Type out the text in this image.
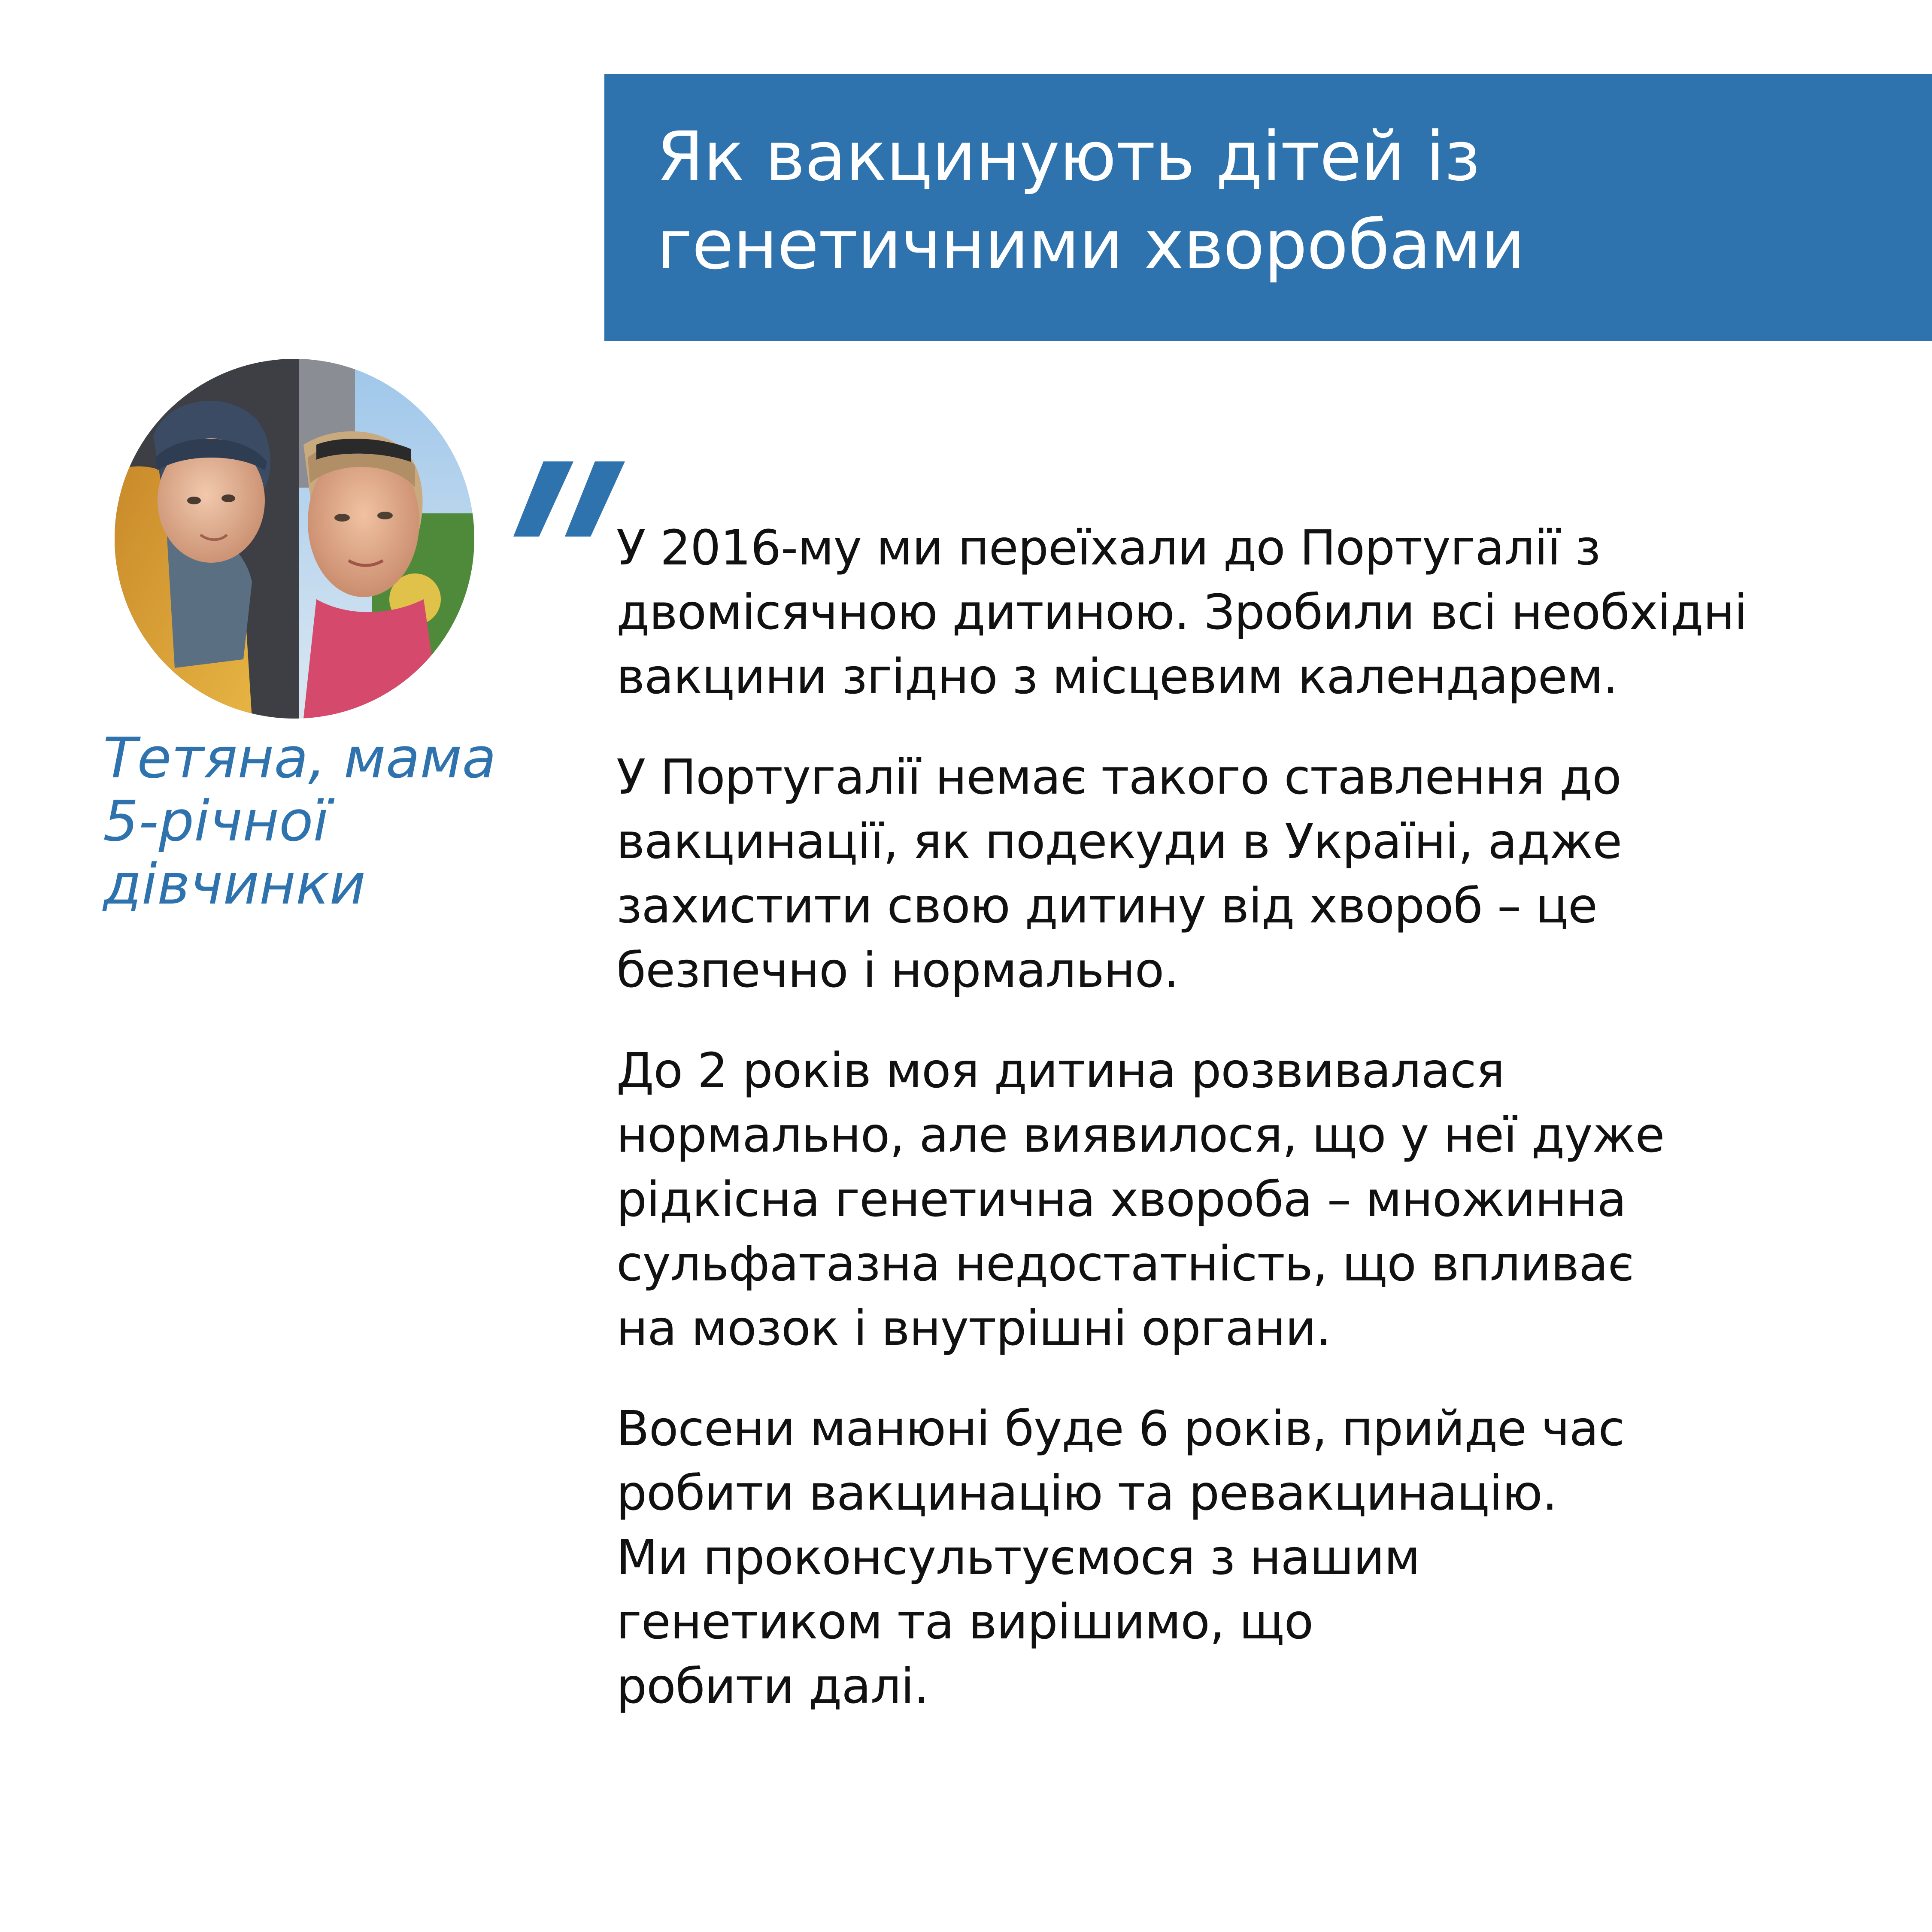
Як вакцинують дітей із
генетичними хворобами

Тетяна, мама
5-річної
дівчинки

У 2016-му ми переїхали до Португалії з
двомісячною дитиною. Зробили всі необхідні
вакцини згідно з місцевим календарем.

У Португалії немає такого ставлення до
вакцинації, як подекуди в Україні, адже
захистити свою дитину від хвороб – це
безпечно і нормально.

До 2 років моя дитина розвивалася
нормально, але виявилося, що у неї дуже
рідкісна генетична хвороба – множинна
сульфатазна недостатність, що впливає
на мозок і внутрішні органи.

Восени манюні буде 6 років, прийде час
робити вакцинацію та ревакцинацію.
Ми проконсультуємося з нашим
генетиком та вирішимо, що
робити далі.
